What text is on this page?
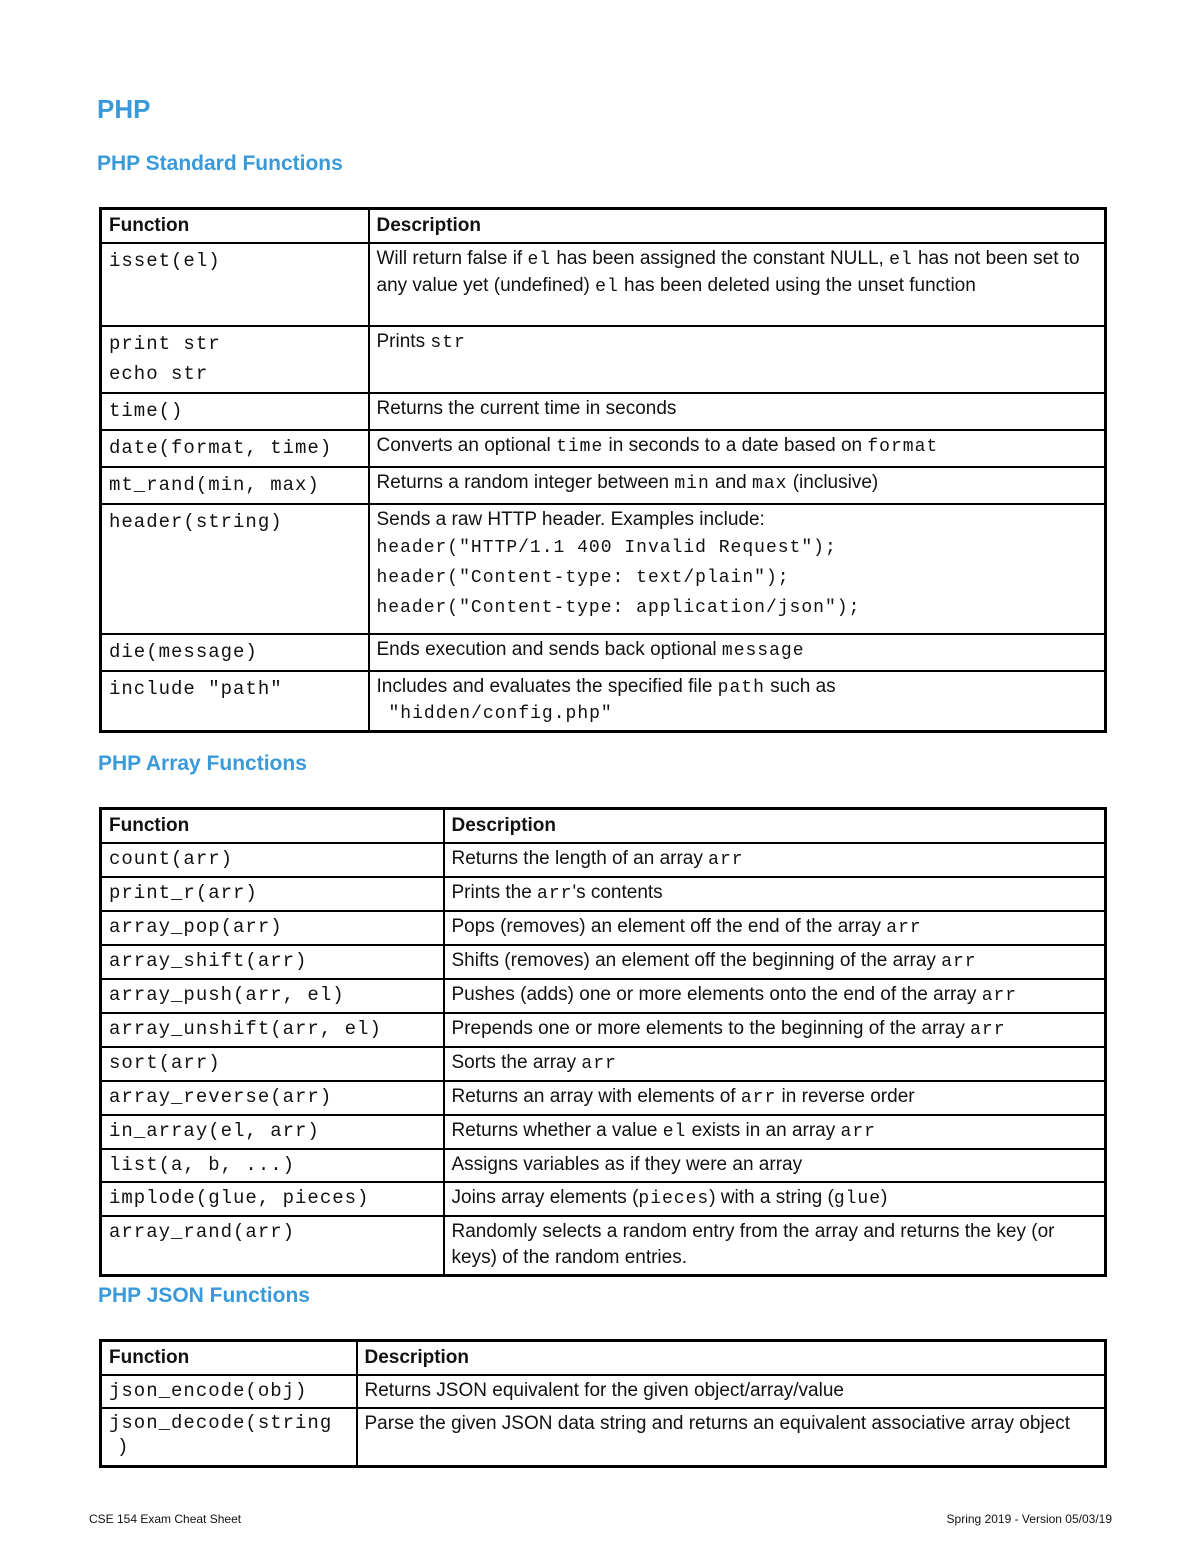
PHP
PHP Standard Functions
Function	Description

isset(el)	Will return false if el has been assigned the constant NULL, el has not been set to any value yet (undefined) el has been deleted using the unset function

print str
echo str	Prints str

time()	Returns the current time in seconds

date(format, time)	Converts an optional time in seconds to a date based on format

mt_rand(min, max)	Returns a random integer between min and max (inclusive)

header(string)	Sends a raw HTTP header. Examples include:
header("HTTP/1.1 400 Invalid Request");
header("Content-type: text/plain");
header("Content-type: application/json");

die(message)	Ends execution and sends back optional message

include "path"	Includes and evaluates the specified file path such as
"hidden/config.php"
PHP Array Functions
Function	Description
count(arr)	Returns the length of an array arr
print_r(arr)	Prints the arr's contents
array_pop(arr)	Pops (removes) an element off the end of the array arr
array_shift(arr)	Shifts (removes) an element off the beginning of the array arr
array_push(arr, el)	Pushes (adds) one or more elements onto the end of the array arr
array_unshift(arr, el)	Prepends one or more elements to the beginning of the array arr
sort(arr)	Sorts the array arr
array_reverse(arr)	Returns an array with elements of arr in reverse order
in_array(el, arr)	Returns whether a value el exists in an array arr
list(a, b, ...)	Assigns variables as if they were an array
implode(glue, pieces)	Joins array elements (pieces) with a string (glue)
array_rand(arr)	Randomly selects a random entry from the array and returns the key (or keys) of the random entries.
PHP JSON Functions
Function	Description
json_encode(obj)	Returns JSON equivalent for the given object/array/value

json_decode(string
)	Parse the given JSON data string and returns an equivalent associative array object
CSE 154 Exam Cheat Sheet	Spring 2019 - Version 05/03/19
